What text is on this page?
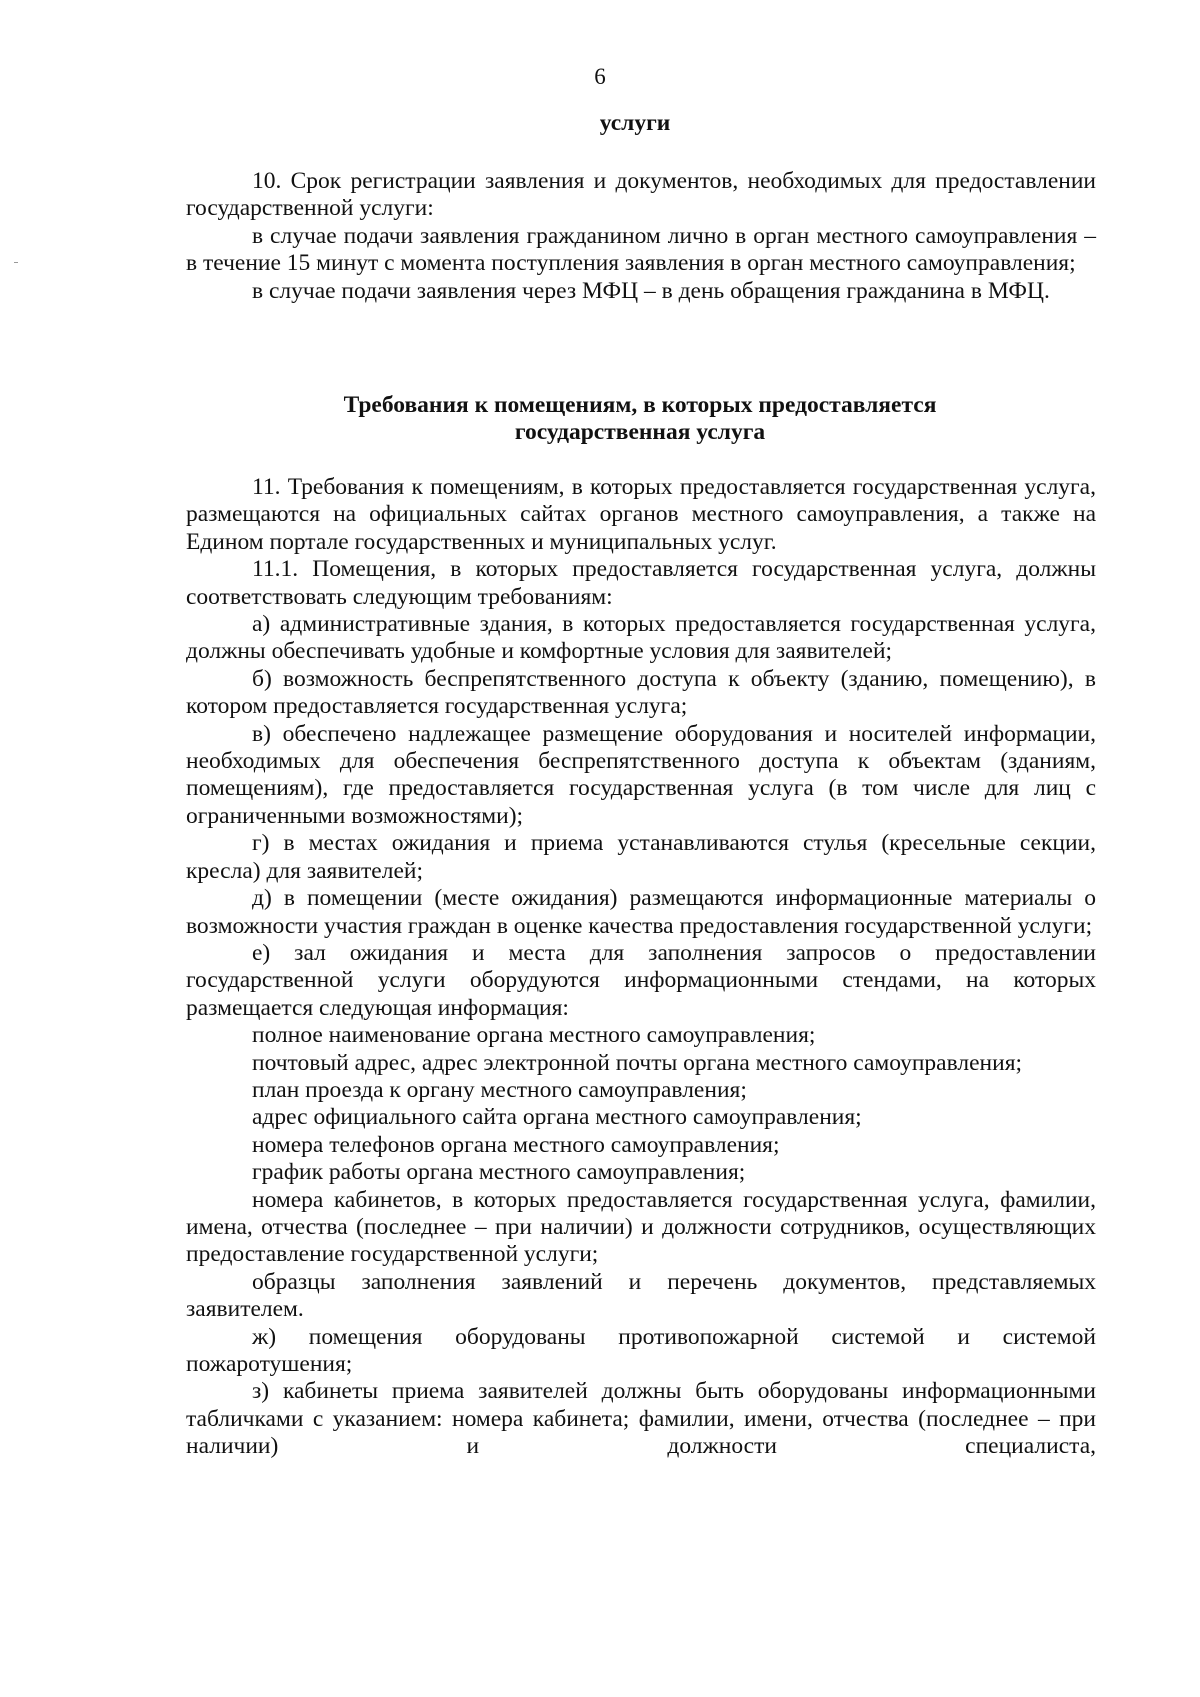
6
услуги

10. Срок регистрации заявления и документов, необходимых для предоставлении государственной услуги:

в случае подачи заявления гражданином лично в орган местного самоуправления – в течение 15 минут с момента поступления заявления в орган местного самоуправления;

в случае подачи заявления через МФЦ – в день обращения гражданина в МФЦ.

Требования к помещениям, в которых предоставляется
государственная услуга

11. Требования к помещениям, в которых предоставляется государственная услуга, размещаются на официальных сайтах органов местного самоуправления, а также на Едином портале государственных и муниципальных услуг.

11.1. Помещения, в которых предоставляется государственная услуга, должны соответствовать следующим требованиям:

а) административные здания, в которых предоставляется государственная услуга, должны обеспечивать удобные и комфортные условия для заявителей;

б) возможность беспрепятственного доступа к объекту (зданию, помещению), в котором предоставляется государственная услуга;

в) обеспечено надлежащее размещение оборудования и носителей информации, необходимых для обеспечения беспрепятственного доступа к объектам (зданиям, помещениям), где предоставляется государственная услуга (в том числе для лиц с ограниченными возможностями);

г) в местах ожидания и приема устанавливаются стулья (кресельные секции, кресла) для заявителей;

д) в помещении (месте ожидания) размещаются информационные материалы о возможности участия граждан в оценке качества предоставления государственной услуги;

е) зал ожидания и места для заполнения запросов о предоставлении государственной услуги оборудуются информационными стендами, на которых размещается следующая информация:

полное наименование органа местного самоуправления;

почтовый адрес, адрес электронной почты органа местного самоуправления;

план проезда к органу местного самоуправления;

адрес официального сайта органа местного самоуправления;

номера телефонов органа местного самоуправления;

график работы органа местного самоуправления;

номера кабинетов, в которых предоставляется государственная услуга, фамилии, имена, отчества (последнее – при наличии) и должности сотрудников, осуществляющих предоставление государственной услуги;

образцы заполнения заявлений и перечень документов, представляемых заявителем.

ж) помещения оборудованы противопожарной системой и системой пожаротушения;

з) кабинеты приема заявителей должны быть оборудованы информационными табличками с указанием: номера кабинета; фамилии, имени, отчества (последнее – при наличии) и должности специалиста,
